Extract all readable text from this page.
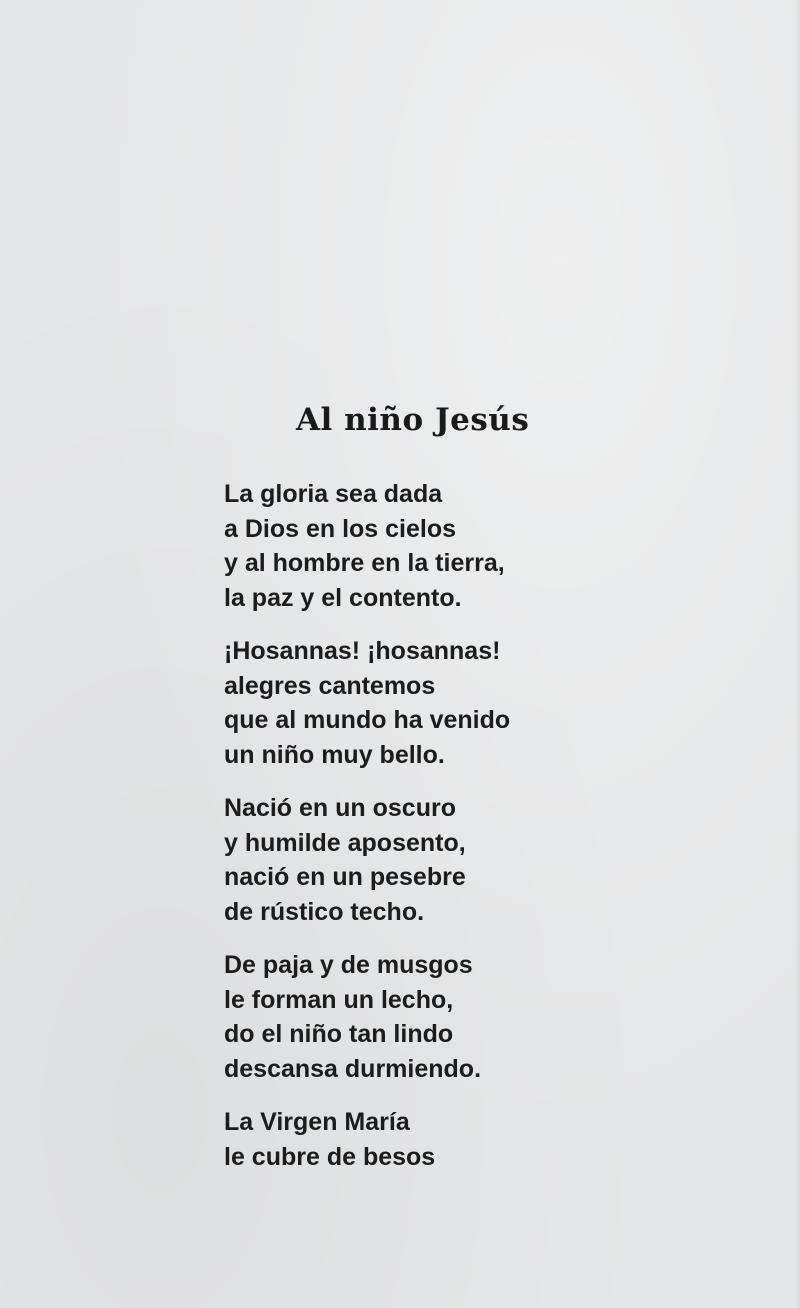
Al niño Jesús
La gloria sea dada
a Dios en los cielos
y al hombre en la tierra,
la paz y el contento.
¡Hosannas! ¡hosannas!
alegres cantemos
que al mundo ha venido
un niño muy bello.
Nació en un oscuro
y humilde aposento,
nació en un pesebre
de rústico techo.
De paja y de musgos
le forman un lecho,
do el niño tan lindo
descansa durmiendo.
La Virgen María
le cubre de besos
